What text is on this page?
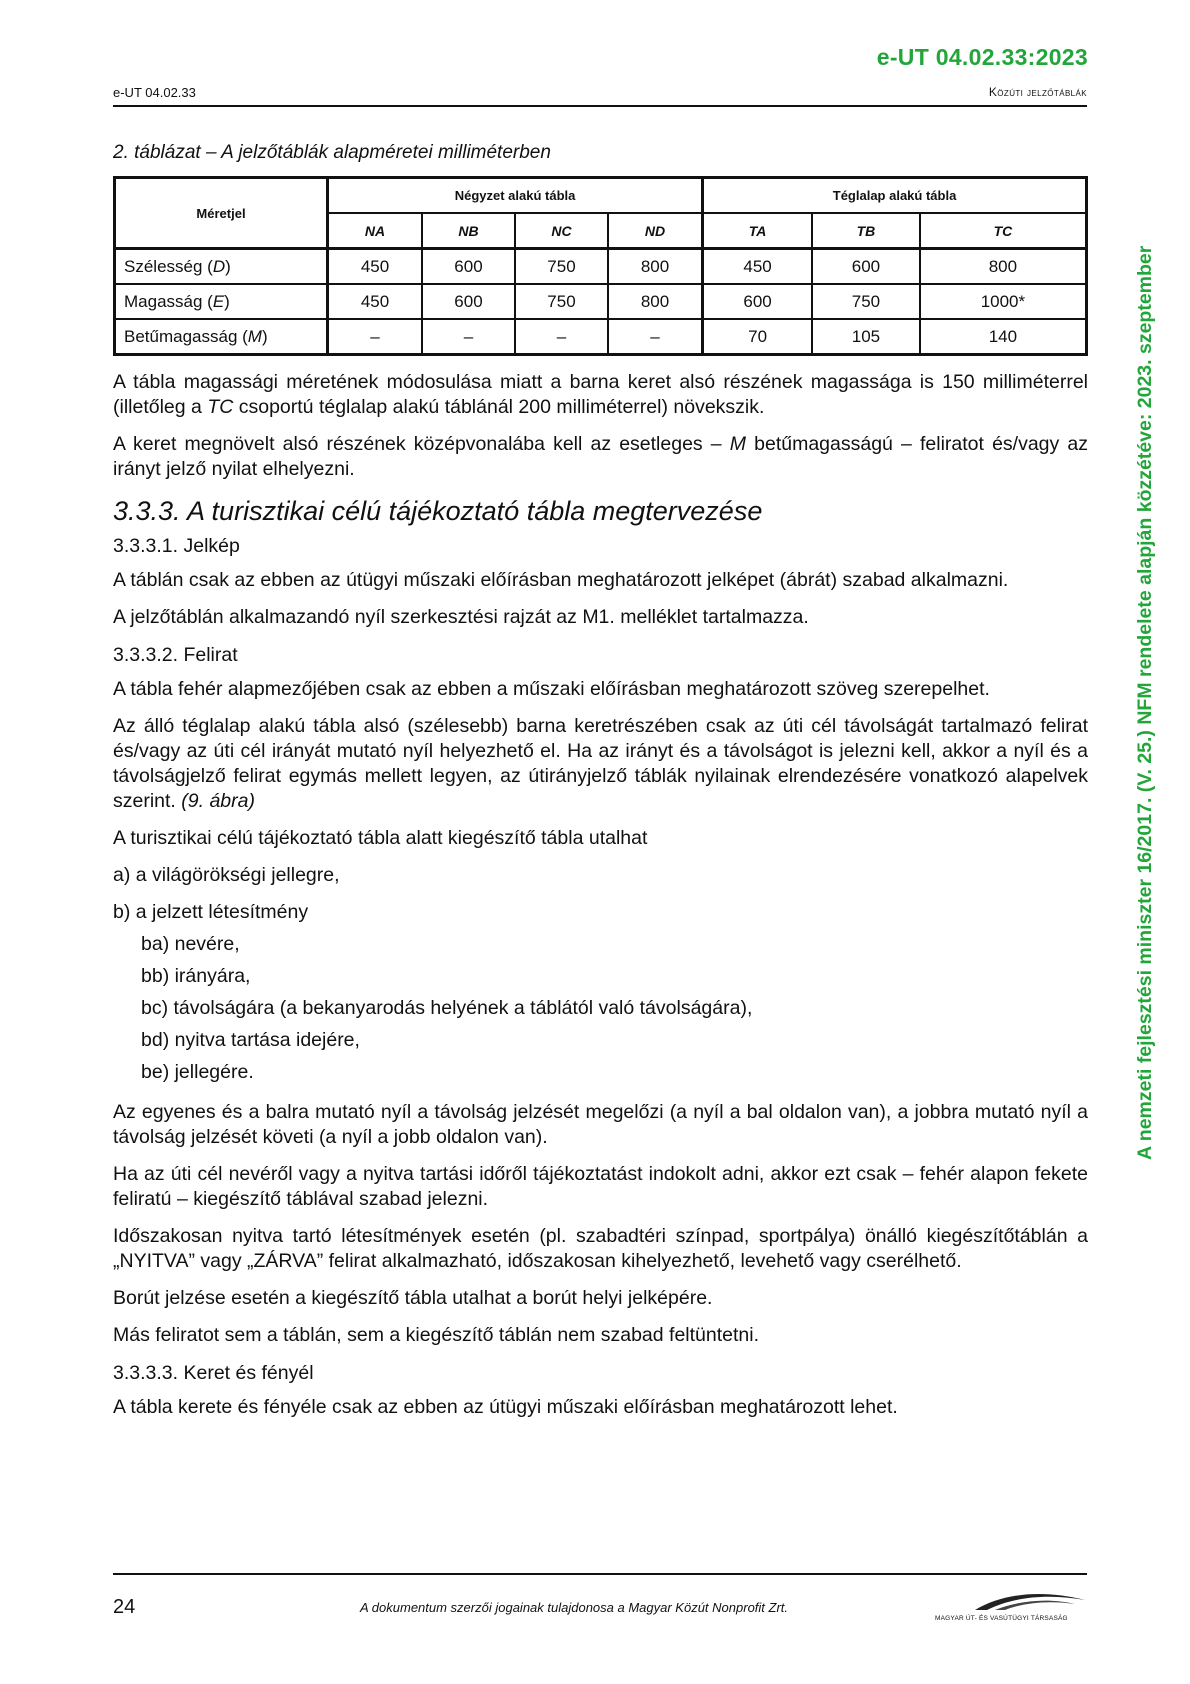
e-UT 04.02.33:2023
e-UT 04.02.33	Közúti jelzőtáblák
A nemzeti fejlesztési miniszter 16/2017. (V. 25.) NFM rendelete alapján közzétéve: 2023. szeptember
2. táblázat – A jelzőtáblák alapméretei milliméterben
Méretjel	Négyzet alakú tábla				Téglalap alakú tábla		
	NA	NB	NC	ND	TA	TB	TC
Szélesség (D)	450	600	750	800	450	600	800
Magasság (E)	450	600	750	800	600	750	1000*
Betűmagasság (M)	–	–	–	–	70	105	140

A tábla magassági méretének módosulása miatt a barna keret alsó részének magassága is 150 milliméterrel (illetőleg a TC csoportú téglalap alakú táblánál 200 milliméterrel) növekszik.

A keret megnövelt alsó részének középvonalába kell az esetleges – M betűmagasságú – feliratot és/vagy az irányt jelző nyilat elhelyezni.

3.3.3. A turisztikai célú tájékoztató tábla megtervezése
3.3.3.1. Jelkép

A táblán csak az ebben az útügyi műszaki előírásban meghatározott jelképet (ábrát) szabad alkalmazni.

A jelzőtáblán alkalmazandó nyíl szerkesztési rajzát az M1. melléklet tartalmazza.

3.3.3.2. Felirat

A tábla fehér alapmezőjében csak az ebben a műszaki előírásban meghatározott szöveg szerepelhet.

Az álló téglalap alakú tábla alsó (szélesebb) barna keretrészében csak az úti cél távolságát tartalmazó felirat és/vagy az úti cél irányát mutató nyíl helyezhető el. Ha az irányt és a távolságot is jelezni kell, akkor a nyíl és a távolságjelző felirat egymás mellett legyen, az útirányjelző táblák nyilainak elrendezésére vonatkozó alapelvek szerint. (9. ábra)

A turisztikai célú tájékoztató tábla alatt kiegészítő tábla utalhat

a) a világörökségi jellegre,
b) a jelzett létesítmény
ba) nevére,
bb) irányára,
bc) távolságára (a bekanyarodás helyének a táblától való távolságára),
bd) nyitva tartása idejére,
be) jellegére.

Az egyenes és a balra mutató nyíl a távolság jelzését megelőzi (a nyíl a bal oldalon van), a jobbra mutató nyíl a távolság jelzését követi (a nyíl a jobb oldalon van).

Ha az úti cél nevéről vagy a nyitva tartási időről tájékoztatást indokolt adni, akkor ezt csak – fehér alapon fekete feliratú – kiegészítő táblával szabad jelezni.

Időszakosan nyitva tartó létesítmények esetén (pl. szabadtéri színpad, sportpálya) önálló kiegészítőtáblán a „NYITVA” vagy „ZÁRVA” felirat alkalmazható, időszakosan kihelyezhető, levehető vagy cserélhető.

Borút jelzése esetén a kiegészítő tábla utalhat a borút helyi jelképére.

Más feliratot sem a táblán, sem a kiegészítő táblán nem szabad feltüntetni.

3.3.3.3. Keret és fényél

A tábla kerete és fényéle csak az ebben az útügyi műszaki előírásban meghatározott lehet.

24	A dokumentum szerzői jogainak tulajdonosa a Magyar Közút Nonprofit Zrt.
MAGYAR ÚT- ÉS VASÚTÜGYI TÁRSASÁG
